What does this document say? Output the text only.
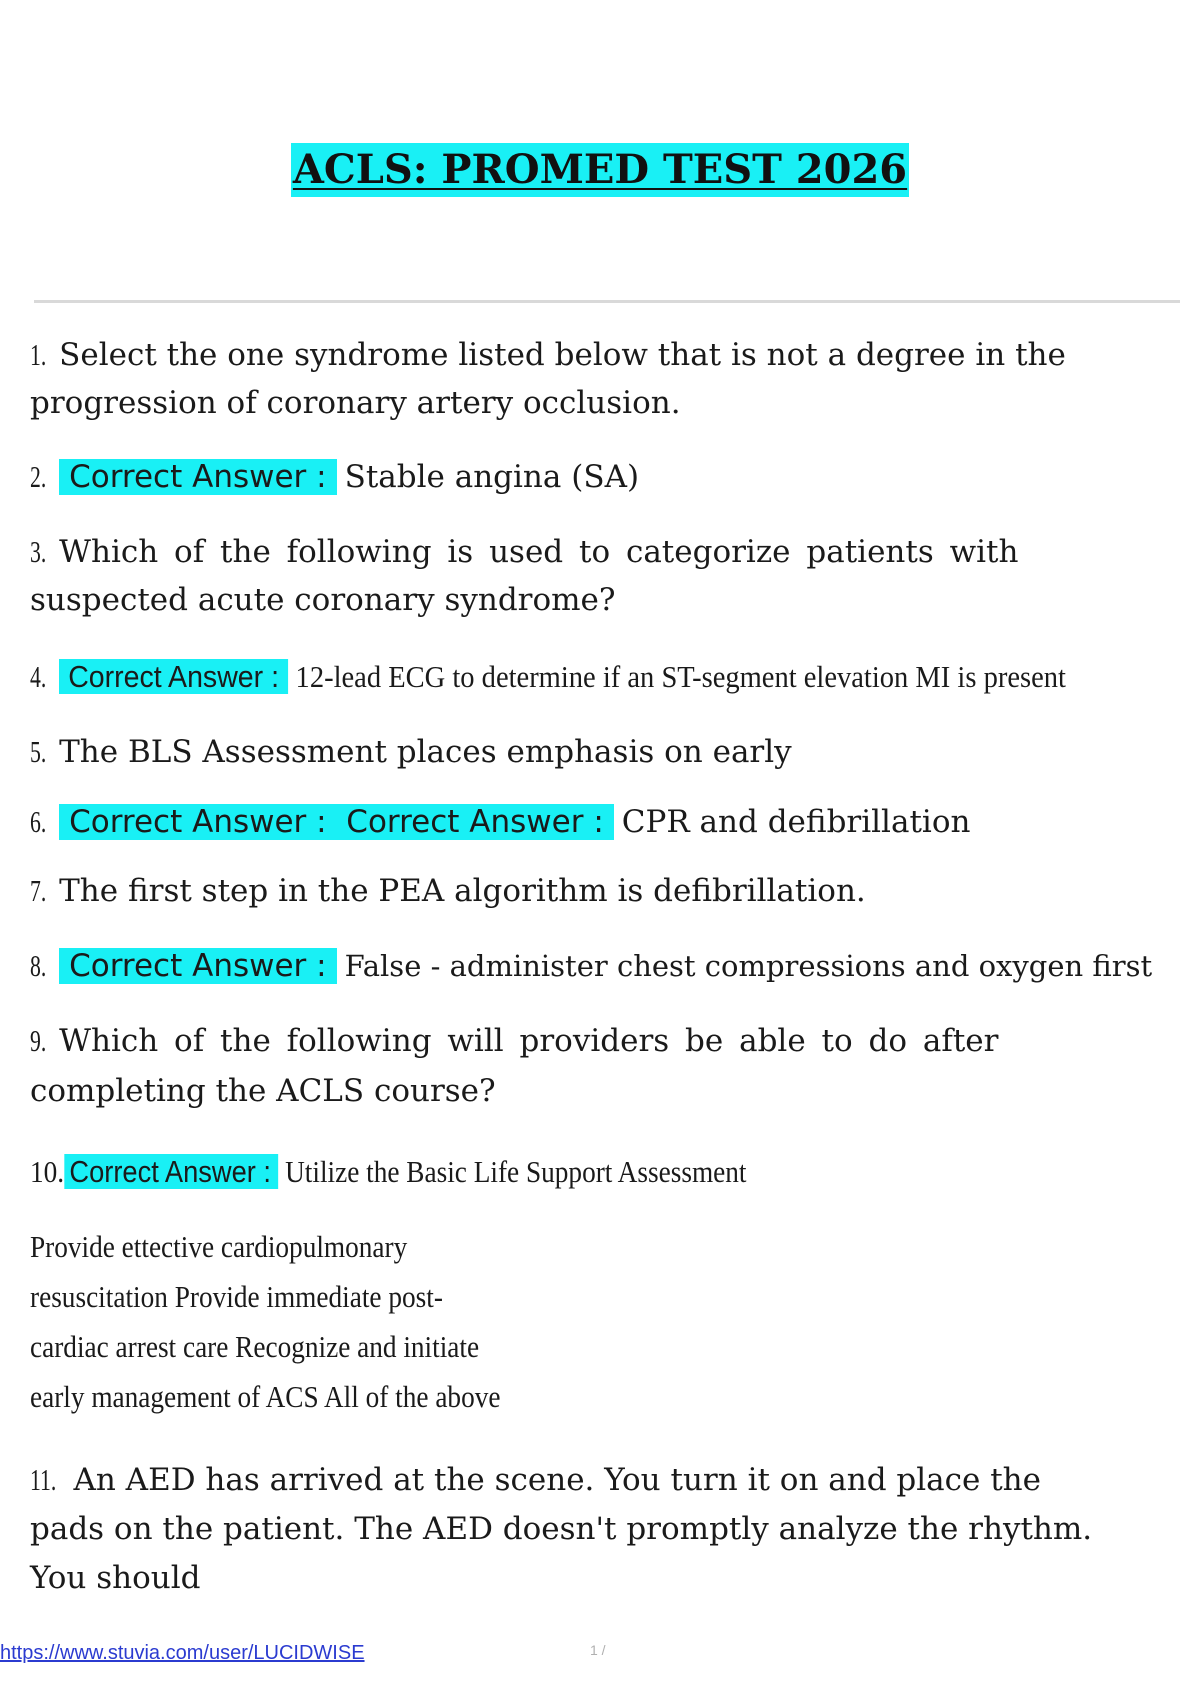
ACLS: PROMED TEST 2026
1. Select the one syndrome listed below that is not a degree in the
progression of coronary artery occlusion.
2. Correct Answer : Stable angina (SA)
3. Which of the following is used to categorize patients with
suspected acute coronary syndrome?
4. Correct Answer : 12-lead ECG to determine if an ST-segment elevation MI is present
5. The BLS Assessment places emphasis on early
6. Correct Answer :  Correct Answer : CPR and defibrillation
7. The first step in the PEA algorithm is defibrillation.
8. Correct Answer : False - administer chest compressions and oxygen first
9. Which of the following will providers be able to do after
completing the ACLS course?
10. Correct Answer : Utilize the Basic Life Support Assessment
Provide ettective cardiopulmonary
resuscitation Provide immediate post-
cardiac arrest care Recognize and initiate
early management of ACS All of the above
11. An AED has arrived at the scene. You turn it on and place the
pads on the patient. The AED doesn't promptly analyze the rhythm.
You should
https://www.stuvia.com/user/LUCIDWISE	1 /
